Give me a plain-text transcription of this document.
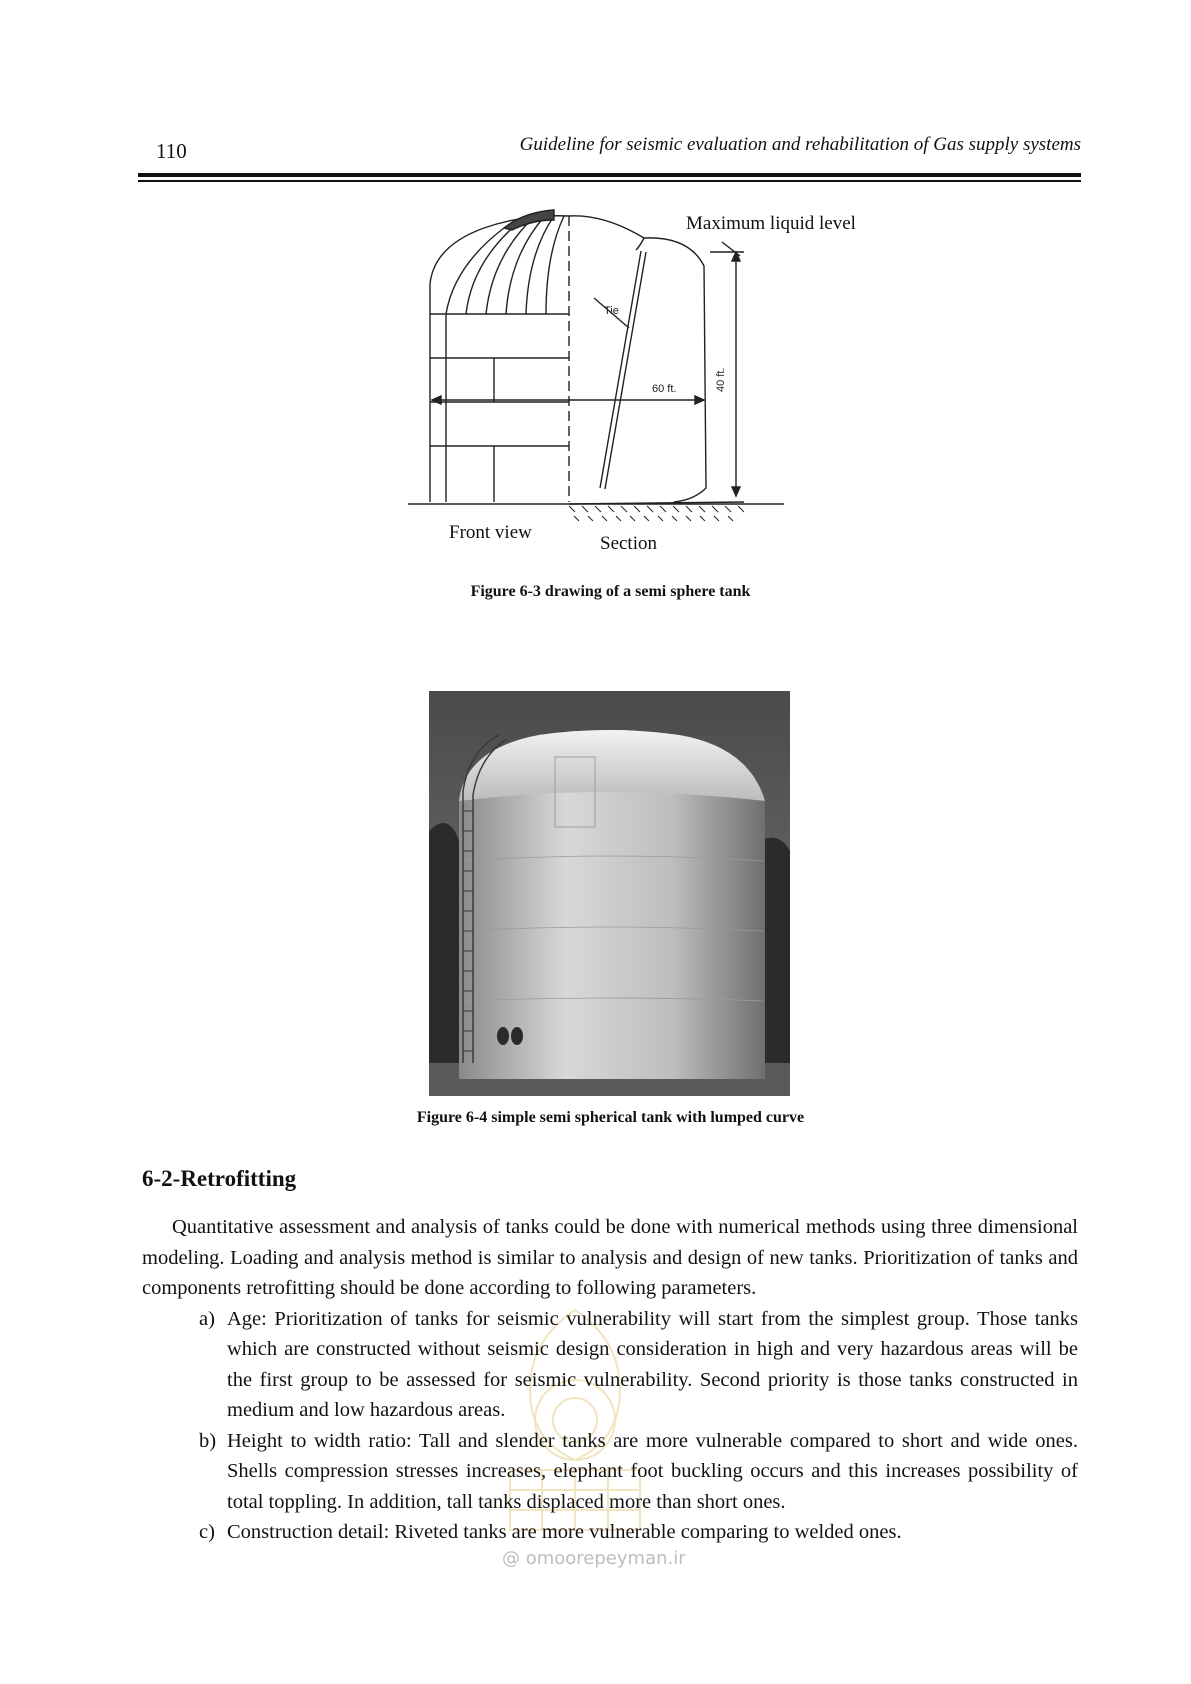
110	Guideline for seismic evaluation and rehabilitation of Gas supply systems
Tie
60 ft.	40 ft.
Maximum liquid level
Front view
Section
Figure 6-3 drawing of a semi sphere tank
Figure 6-4 simple semi spherical tank with lumped curve
6-2-Retrofitting

Quantitative assessment and analysis of tanks could be done with numerical methods using three dimensional modeling. Loading and analysis method is similar to analysis and design of new tanks. Prioritization of tanks and components retrofitting should be done according to following parameters.

a) Age: Prioritization of tanks for seismic vulnerability will start from the simplest group. Those tanks which are constructed without seismic design consideration in high and very hazardous areas will be the first group to be assessed for seismic vulnerability. Second priority is those tanks constructed in medium and low hazardous areas.
b) Height to width ratio: Tall and slender tanks are more vulnerable compared to short and wide ones. Shells compression stresses increases, elephant foot buckling occurs and this increases possibility of total toppling. In addition, tall tanks displaced more than short ones.
c) Construction detail: Riveted tanks are more vulnerable comparing to welded ones.
@ omoorepeyman.ir
